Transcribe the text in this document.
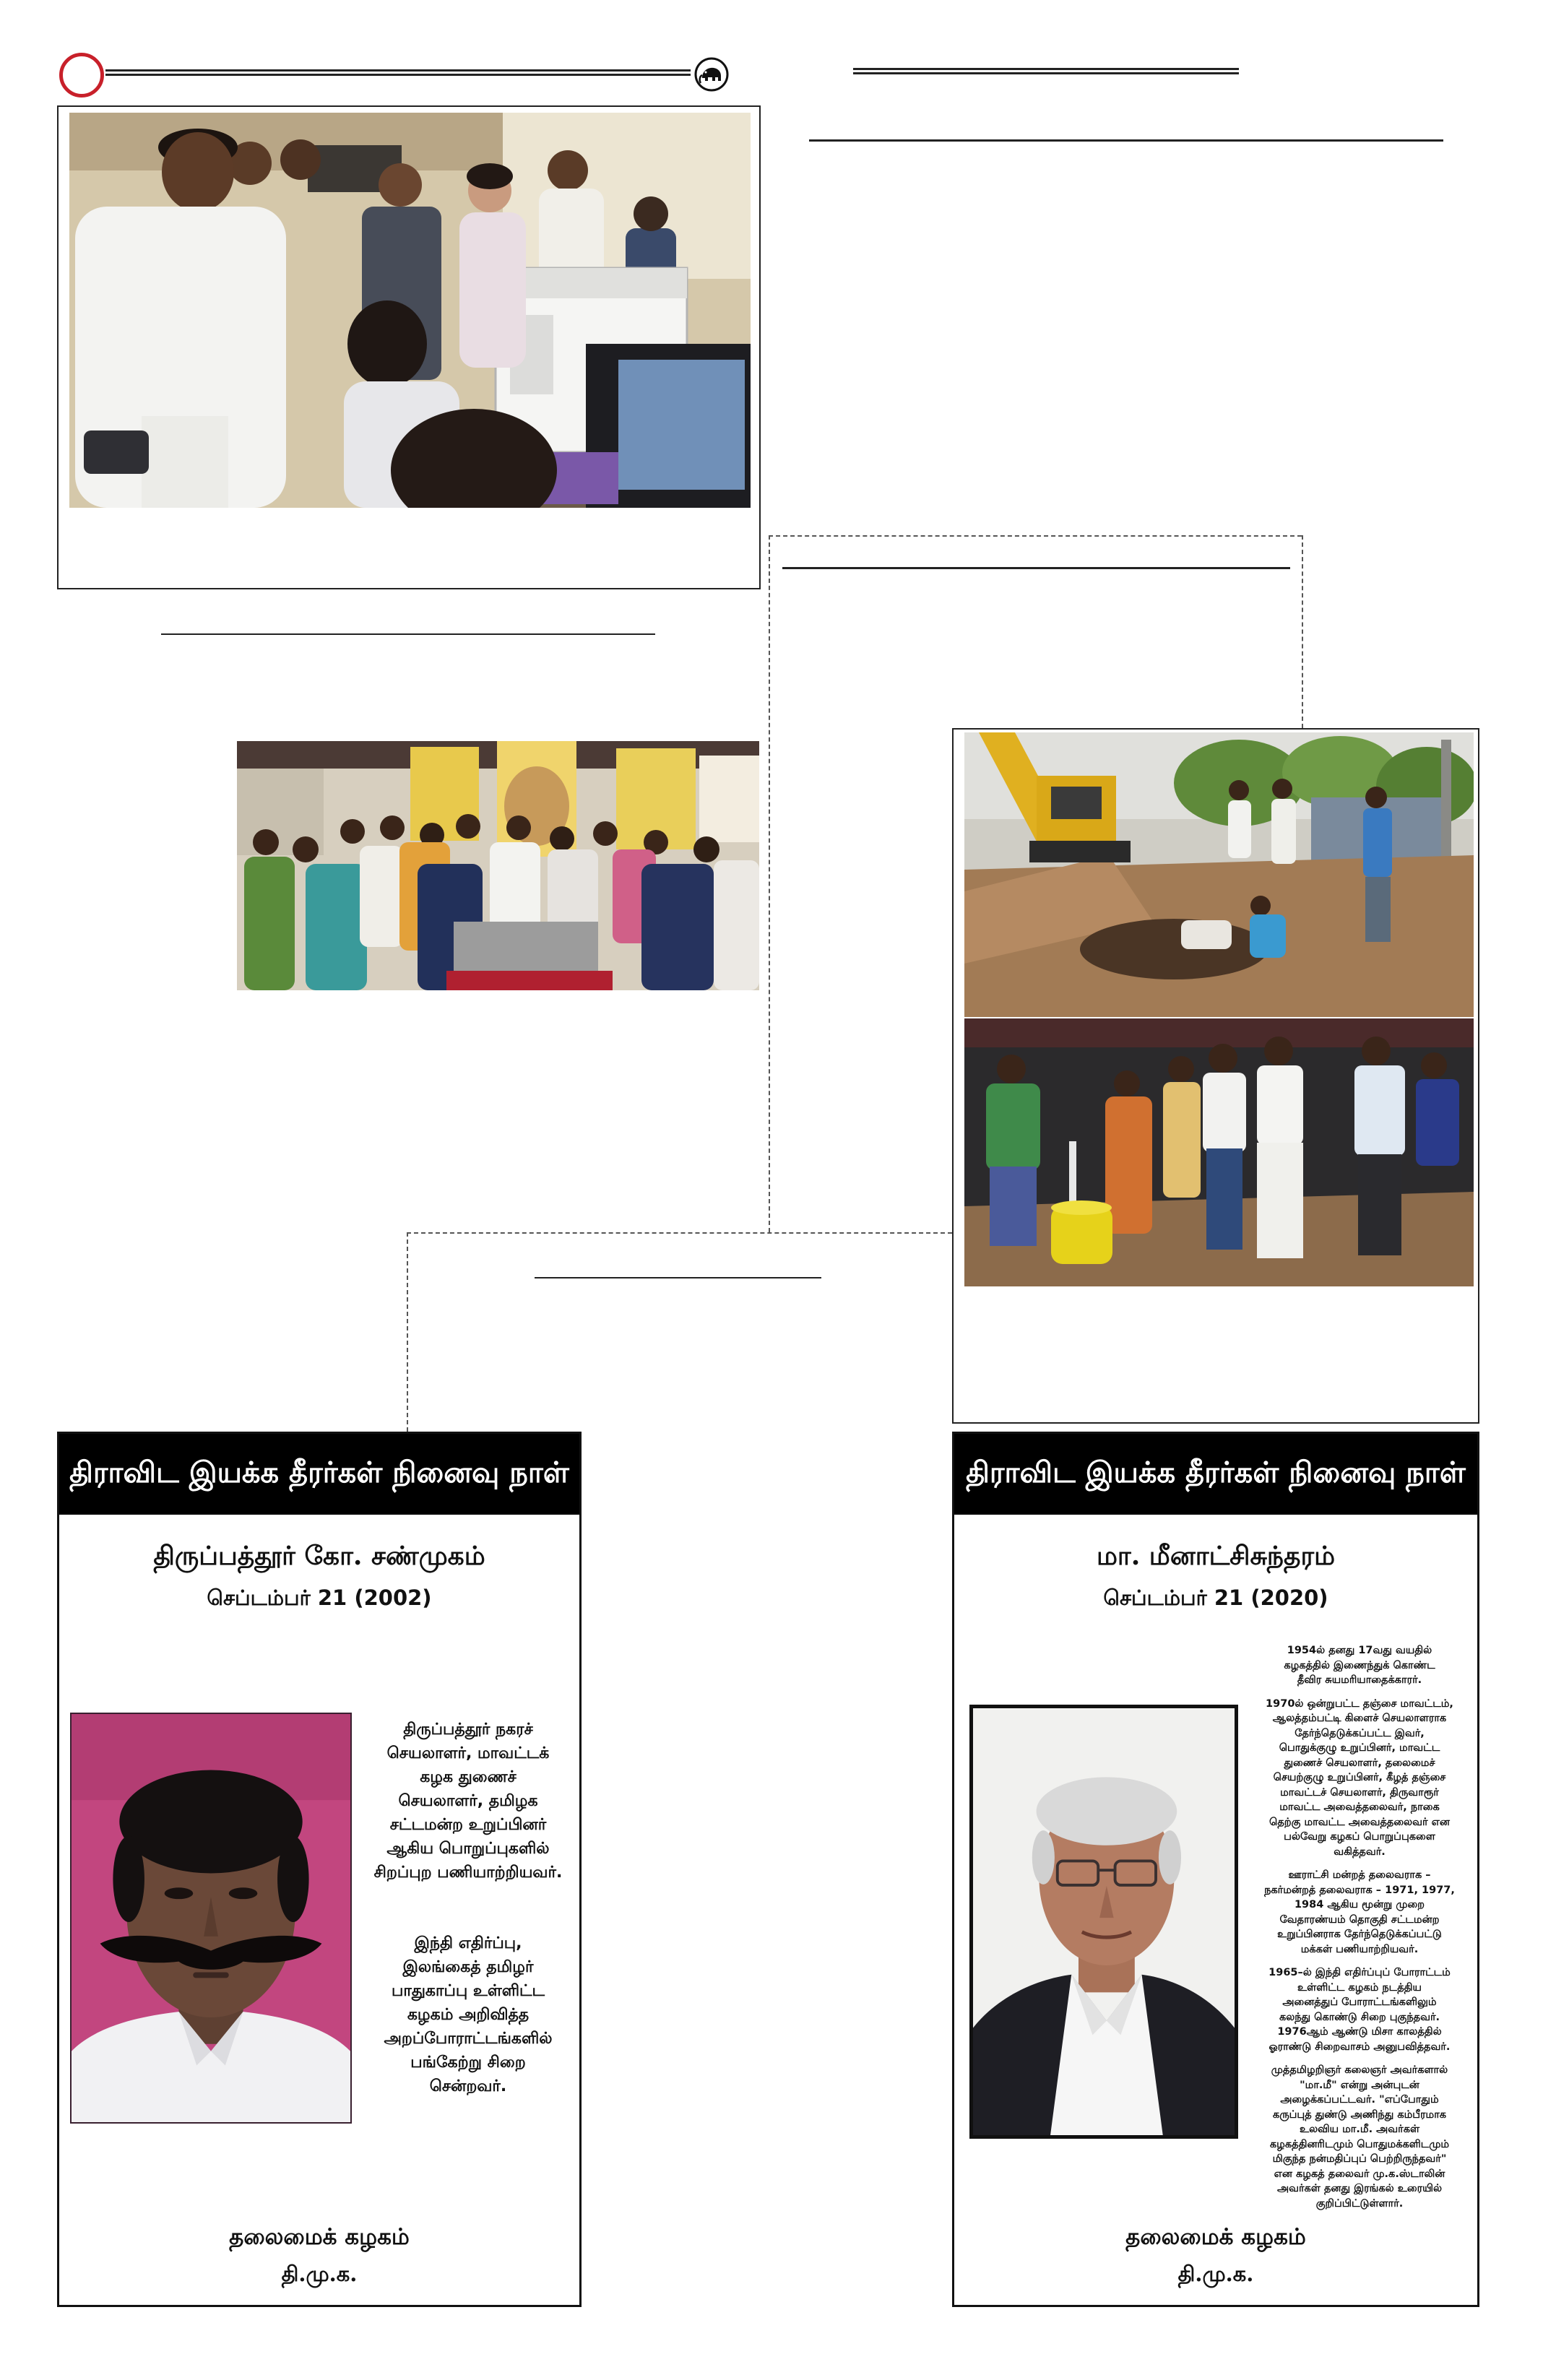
திராவிட இயக்க தீரர்கள் நினைவு நாள்
திருப்பத்தூர் கோ. சண்முகம்
செப்டம்பர் 21 (2002)
திருப்பத்தூர் நகரச்
செயலாளர், மாவட்டக்
கழக துணைச்
செயலாளர், தமிழக
சட்டமன்ற உறுப்பினர்
ஆகிய பொறுப்புகளில்
சிறப்புற பணியாற்றியவர்.
இந்தி எதிர்ப்பு,
இலங்கைத் தமிழர்
பாதுகாப்பு உள்ளிட்ட
கழகம் அறிவித்த
அறப்போராட்டங்களில்
பங்கேற்று சிறை
சென்றவர்.
தலைமைக் கழகம்
தி.மு.க.
திராவிட இயக்க தீரர்கள் நினைவு நாள்
மா. மீனாட்சிசுந்தரம்
செப்டம்பர் 21 (2020)
1954ல் தனது 17வது வயதில்
கழகத்தில் இணைந்துக் கொண்ட
தீவிர சுயமரியாதைக்காரர்.
1970ல் ஒன்றுபட்ட தஞ்சை மாவட்டம்,
ஆலத்தம்பட்டி கிளைச் செயலாளராக
தேர்ந்தெடுக்கப்பட்ட இவர்,
பொதுக்குழு உறுப்பினர், மாவட்ட
துணைச் செயலாளர், தலைமைச்
செயற்குழு உறுப்பினர், கீழத் தஞ்சை
மாவட்டச் செயலாளர், திருவாரூர்
மாவட்ட அவைத்தலைவர், நாகை
தெற்கு மாவட்ட அவைத்தலைவர் என
பல்வேறு கழகப் பொறுப்புகளை
வகித்தவர்.
ஊராட்சி மன்றத் தலைவராக –
நகர்மன்றத் தலைவராக – 1971, 1977,
1984 ஆகிய மூன்று முறை
வேதாரண்யம் தொகுதி சட்டமன்ற
உறுப்பினராக தேர்ந்தெடுக்கப்பட்டு
மக்கள் பணியாற்றியவர்.
1965–ல் இந்தி எதிர்ப்புப் போராட்டம்
உள்ளிட்ட கழகம் நடத்திய
அனைத்துப் போராட்டங்களிலும்
கலந்து கொண்டு சிறை புகுந்தவர்.
1976ஆம் ஆண்டு மிசா காலத்தில்
ஓராண்டு சிறைவாசம் அனுபவித்தவர்.
முத்தமிழறிஞர் கலைஞர் அவர்களால்
"மா.மீ" என்று அன்புடன்
அழைக்கப்பட்டவர். "எப்போதும்
கருப்புத் துண்டு அணிந்து கம்பீரமாக
உலவிய மா.மீ. அவர்கள்
கழகத்தினரிடமும் பொதுமக்களிடமும்
மிகுந்த நன்மதிப்புப் பெற்றிருந்தவர்"
என கழகத் தலைவர் மு.க.ஸ்டாலின்
அவர்கள் தனது இரங்கல் உரையில்
குறிப்பிட்டுள்ளார்.
தலைமைக் கழகம்
தி.மு.க.
